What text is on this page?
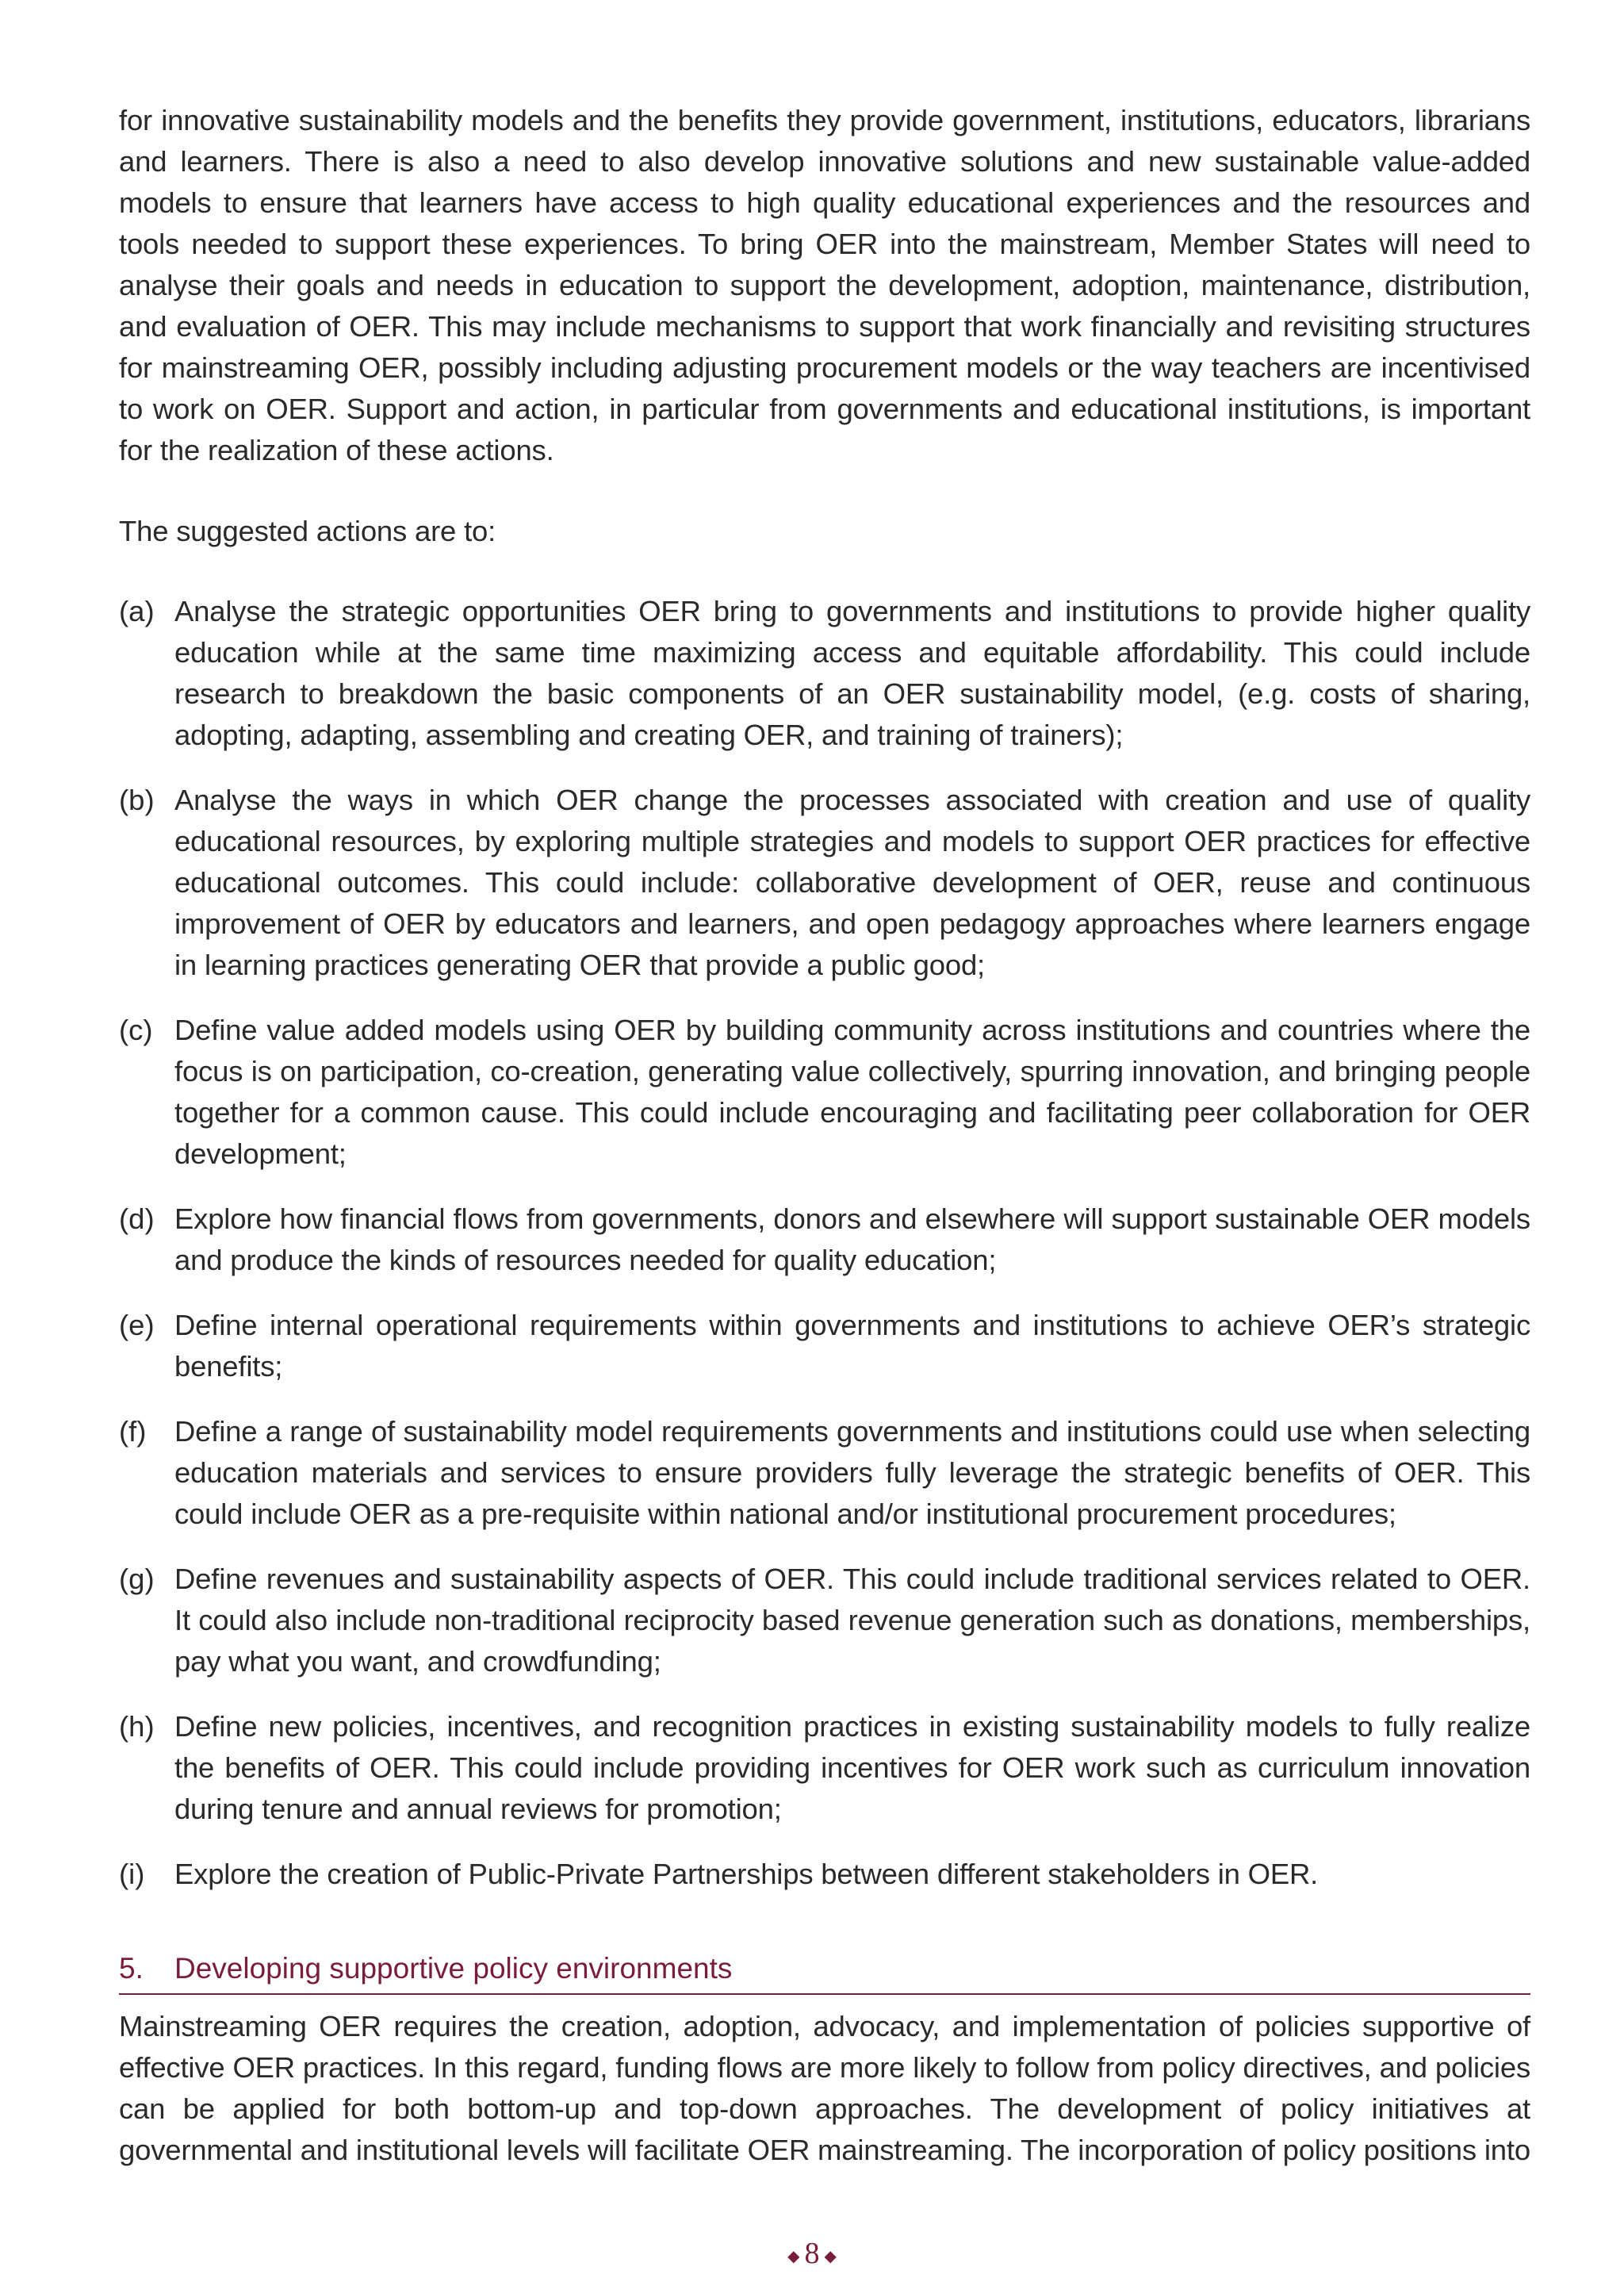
for innovative sustainability models and the benefits they provide government, institutions, educators, librarians and learners. There is also a need to also develop innovative solutions and new sustainable value-added models to ensure that learners have access to high quality educational experiences and the resources and tools needed to support these experiences. To bring OER into the mainstream, Member States will need to analyse their goals and needs in education to support the development, adoption, maintenance, distribution, and evaluation of OER. This may include mechanisms to support that work financially and revisiting structures for mainstreaming OER, possibly including adjusting procurement models or the way teachers are incentivised to work on OER. Support and action, in particular from governments and educational institutions, is important for the realization of these actions.

The suggested actions are to:

(a) Analyse the strategic opportunities OER bring to governments and institutions to provide higher quality education while at the same time maximizing access and equitable affordability. This could include research to breakdown the basic components of an OER sustainability model, (e.g. costs of sharing, adopting, adapting, assembling and creating OER, and training of trainers);

(b) Analyse the ways in which OER change the processes associated with creation and use of quality educational resources, by exploring multiple strategies and models to support OER practices for effective educational outcomes. This could include: collaborative development of OER, reuse and continuous improvement of OER by educators and learners, and open pedagogy approaches where learners engage in learning practices generating OER that provide a public good;

(c) Define value added models using OER by building community across institutions and countries where the focus is on participation, co-creation, generating value collectively, spurring innovation, and bringing people together for a common cause. This could include encouraging and facilitating peer collaboration for OER development;

(d) Explore how financial flows from governments, donors and elsewhere will support sustainable OER models and produce the kinds of resources needed for quality education;

(e) Define internal operational requirements within governments and institutions to achieve OER’s strategic benefits;

(f) Define a range of sustainability model requirements governments and institutions could use when selecting education materials and services to ensure providers fully leverage the strategic benefits of OER. This could include OER as a pre-requisite within national and/or institutional procurement procedures;

(g) Define revenues and sustainability aspects of OER. This could include traditional services related to OER. It could also include non-traditional reciprocity based revenue generation such as donations, memberships, pay what you want, and crowdfunding;

(h) Define new policies, incentives, and recognition practices in existing sustainability models to fully realize the benefits of OER. This could include providing incentives for OER work such as curriculum innovation during tenure and annual reviews for promotion;

(i) Explore the creation of Public-Private Partnerships between different stakeholders in OER.

5. Developing supportive policy environments

Mainstreaming OER requires the creation, adoption, advocacy, and implementation of policies supportive of effective OER practices. In this regard, funding flows are more likely to follow from policy directives, and policies can be applied for both bottom-up and top-down approaches. The development of policy initiatives at governmental and institutional levels will facilitate OER mainstreaming. The incorporation of policy positions into

◆ 8 ◆
